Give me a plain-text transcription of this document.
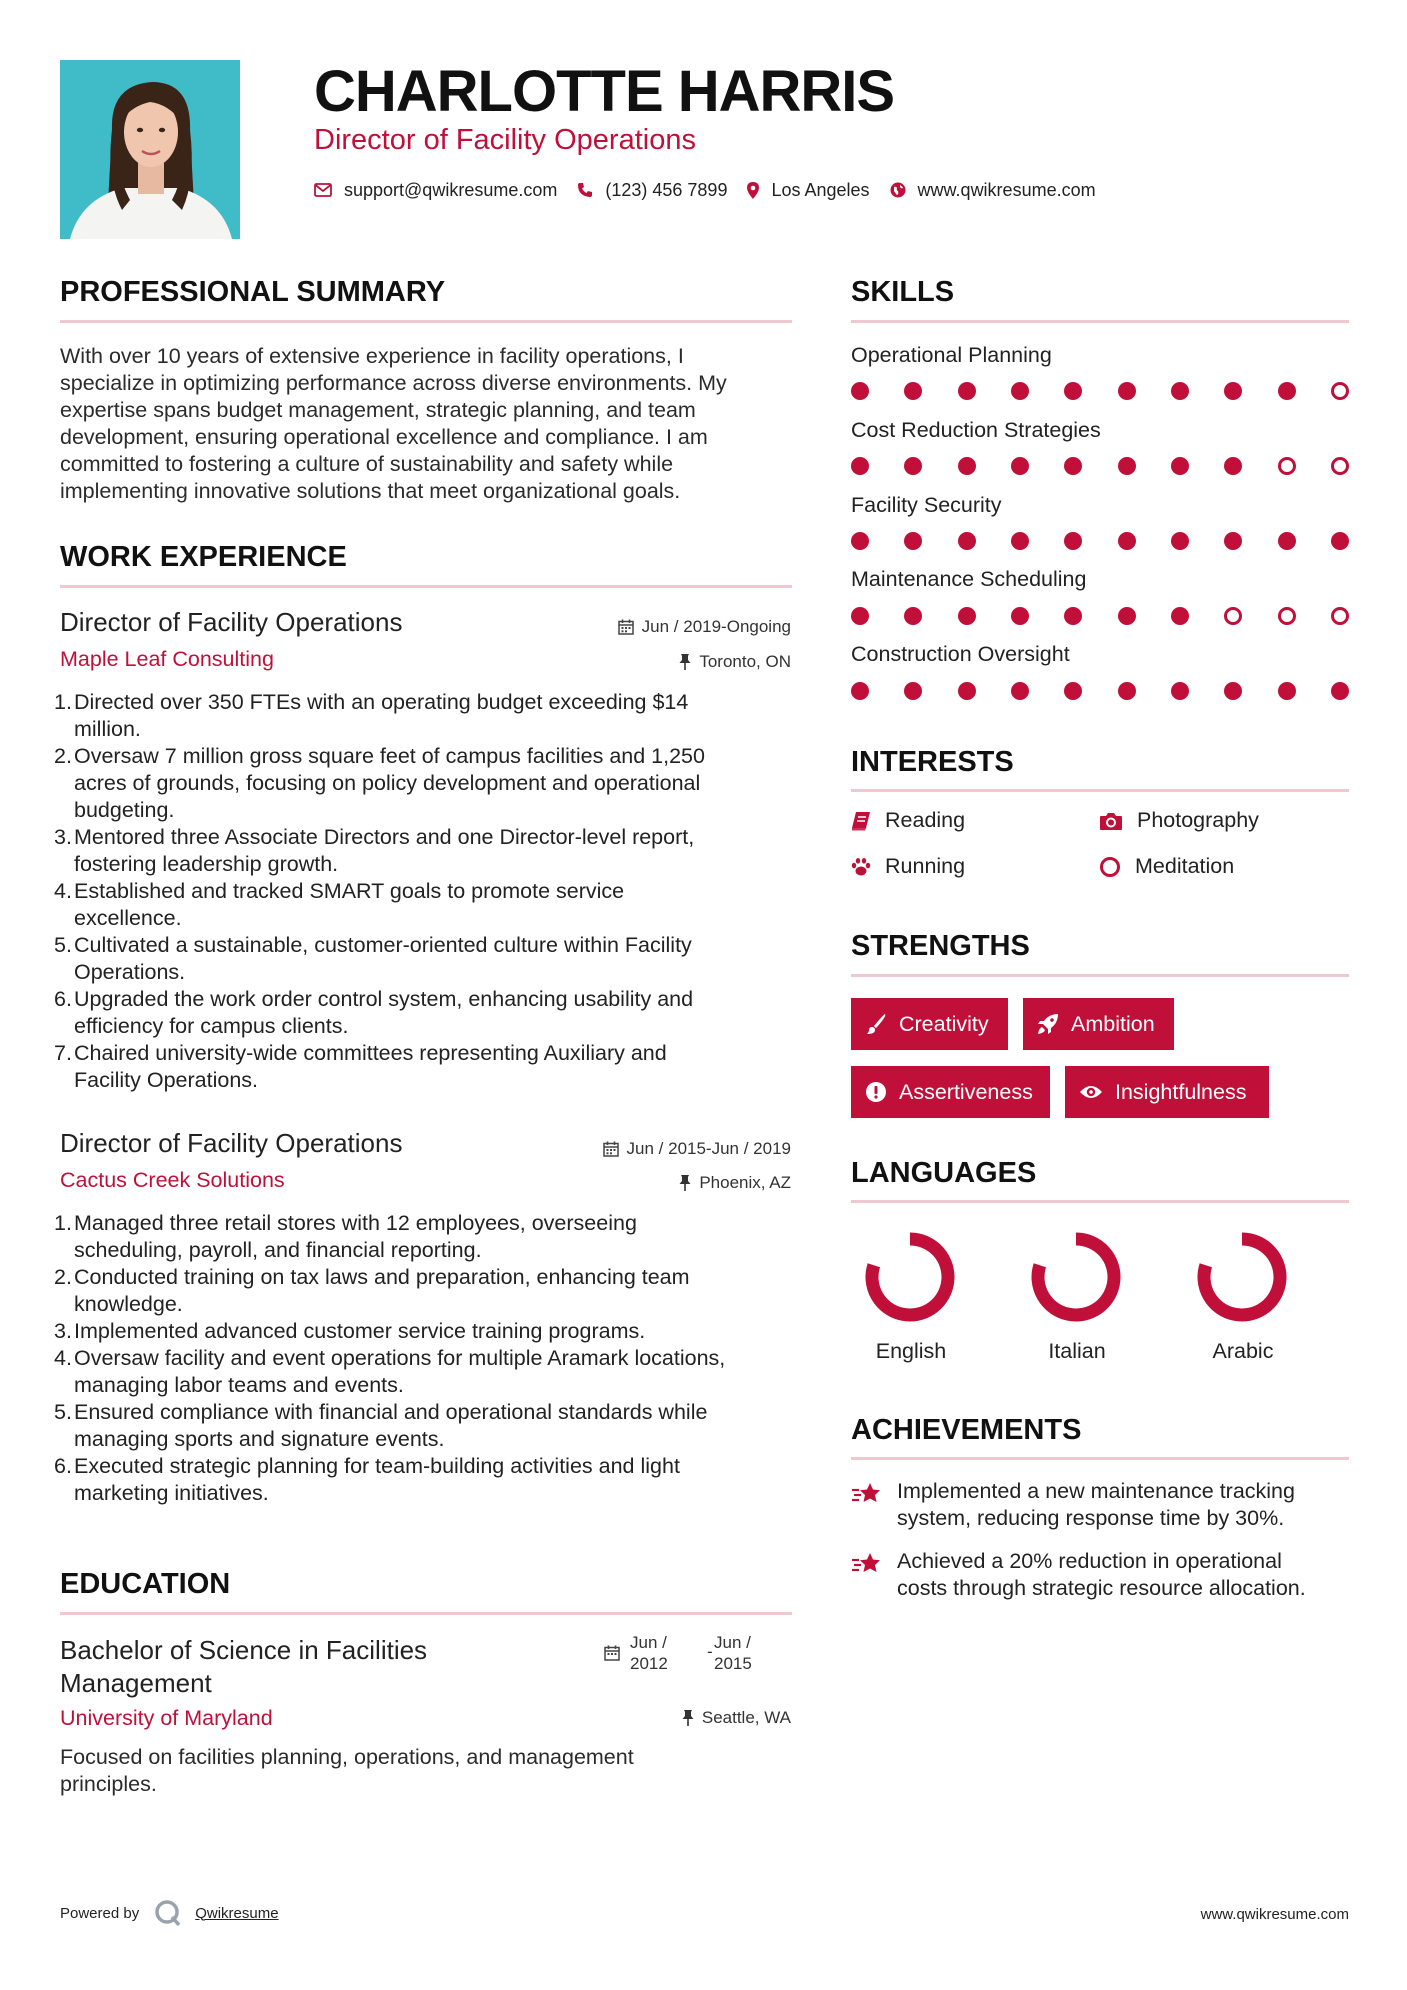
CHARLOTTE HARRIS
Director of Facility Operations
support@qwikresume.com	(123) 456 7899 Los Angeles	www.qwikresume.com
PROFESSIONAL SUMMARY
With over 10 years of extensive experience in facility operations, I
specialize in optimizing performance across diverse environments. My
expertise spans budget management, strategic planning, and team
development, ensuring operational excellence and compliance. I am
committed to fostering a culture of sustainability and safety while
implementing innovative solutions that meet organizational goals.
WORK EXPERIENCE
Director of Facility Operations	Jun / 2019-Ongoing
Maple Leaf Consulting	Toronto, ON
1. Directed over 350 FTEs with an operating budget exceeding $14
million.
2. Oversaw 7 million gross square feet of campus facilities and 1,250
acres of grounds, focusing on policy development and operational
budgeting.
3. Mentored three Associate Directors and one Director-level report,
fostering leadership growth.
4. Established and tracked SMART goals to promote service
excellence.
5. Cultivated a sustainable, customer-oriented culture within Facility
Operations.
6. Upgraded the work order control system, enhancing usability and
efficiency for campus clients.
7. Chaired university-wide committees representing Auxiliary and
Facility Operations.
Director of Facility Operations	Jun / 2015-Jun / 2019
Cactus Creek Solutions	Phoenix, AZ
1. Managed three retail stores with 12 employees, overseeing
scheduling, payroll, and financial reporting.
2. Conducted training on tax laws and preparation, enhancing team
knowledge.
3. Implemented advanced customer service training programs.
4. Oversaw facility and event operations for multiple Aramark locations,
managing labor teams and events.
5. Ensured compliance with financial and operational standards while
managing sports and signature events.
6. Executed strategic planning for team-building activities and light
marketing initiatives.
EDUCATION
Bachelor of Science in Facilities
Management
Jun /
2012
- Jun /
2015
University of Maryland	Seattle, WA
Focused on facilities planning, operations, and management
principles.
SKILLS
Operational Planning
Cost Reduction Strategies
Facility Security
Maintenance Scheduling
Construction Oversight
INTERESTS
Reading	Photography
Running	Meditation
STRENGTHS
Creativity	Ambition
Assertiveness	Insightfulness
LANGUAGES
English	Italian	Arabic
ACHIEVEMENTS
Implemented a new maintenance tracking
system, reducing response time by 30%.
Achieved a 20% reduction in operational
costs through strategic resource allocation.
Powered by	Qwikresume	www.qwikresume.com
